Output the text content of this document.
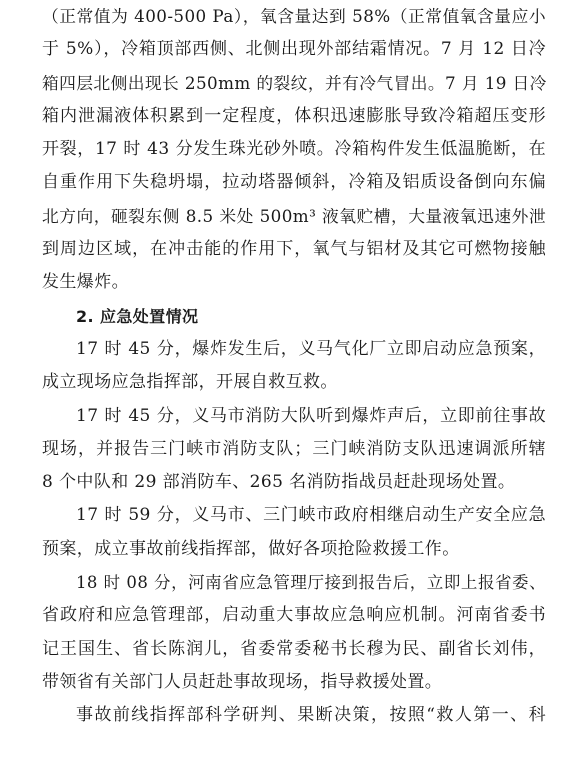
（正常值为 400-500 Pa），氧含量达到 58%（正常值氧含量应小
于 5%），冷箱顶部西侧、北侧出现外部结霜情况。7 月 12 日冷
箱四层北侧出现长 250mm 的裂纹，并有冷气冒出。7 月 19 日冷
箱内泄漏液体积累到一定程度，体积迅速膨胀导致冷箱超压变形
开裂，17 时 43 分发生珠光砂外喷。冷箱构件发生低温脆断，在
自重作用下失稳坍塌，拉动塔器倾斜，冷箱及铝质设备倒向东偏
北方向，砸裂东侧 8.5 米处 500m³ 液氧贮槽，大量液氧迅速外泄
到周边区域，在冲击能的作用下，氧气与铝材及其它可燃物接触
发生爆炸。
2. 应急处置情况
17 时 45 分，爆炸发生后，义马气化厂立即启动应急预案，
成立现场应急指挥部，开展自救互救。
17 时 45 分，义马市消防大队听到爆炸声后，立即前往事故
现场，并报告三门峡市消防支队；三门峡消防支队迅速调派所辖
8 个中队和 29 部消防车、265 名消防指战员赶赴现场处置。
17 时 59 分，义马市、三门峡市政府相继启动生产安全应急
预案，成立事故前线指挥部，做好各项抢险救援工作。
18 时 08 分，河南省应急管理厅接到报告后，立即上报省委、
省政府和应急管理部，启动重大事故应急响应机制。河南省委书
记王国生、省长陈润儿，省委常委秘书长穆为民、副省长刘伟，
带领省有关部门人员赶赴事故现场，指导救援处置。
事故前线指挥部科学研判、果断决策，按照“救人第一、科
